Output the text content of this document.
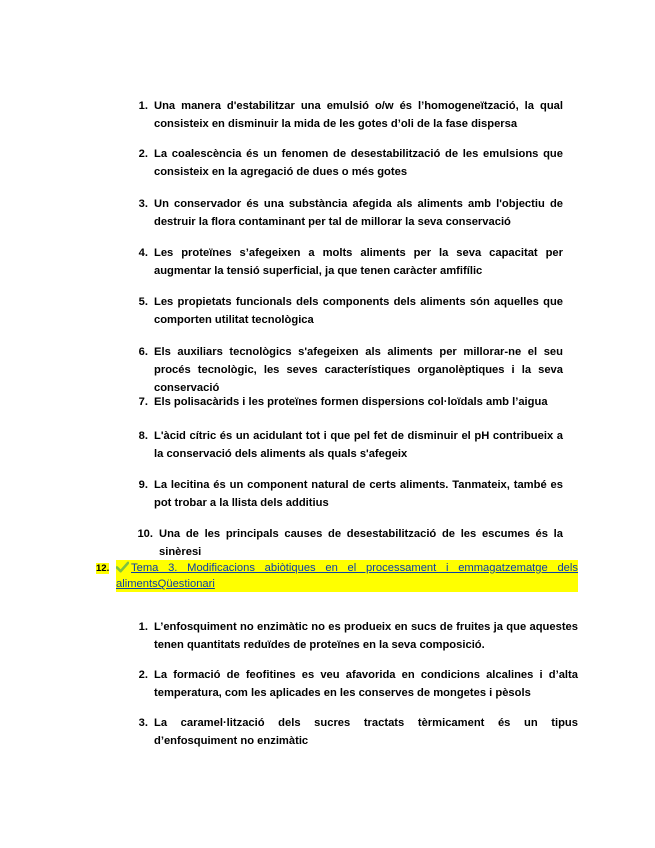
1. Una manera d'estabilitzar una emulsió o/w és l’homogeneïtzació, la qual consisteix en disminuir la mida de les gotes d’oli de la fase dispersa
2. La coalescència és un fenomen de desestabilització de les emulsions que consisteix en la agregació de dues o més gotes
3. Un conservador és una substància afegida als aliments amb l'objectiu de destruir la flora contaminant per tal de millorar la seva conservació
4. Les proteïnes s’afegeixen a molts aliments per la seva capacitat per augmentar la tensió superficial, ja que tenen caràcter amfifílic
5. Les propietats funcionals dels components dels aliments són aquelles que comporten utilitat tecnològica
6. Els auxiliars tecnològics s'afegeixen als aliments per millorar-ne el seu procés tecnològic, les seves característiques organolèptiques i la seva conservació
7. Els polisacàrids i les proteïnes formen dispersions col·loïdals amb l’aigua
8. L'àcid cítric és un acidulant tot i que pel fet de disminuir el pH contribueix a la conservació dels aliments als quals s'afegeix
9. La lecitina és un component natural de certs aliments. Tanmateix, també es pot trobar a la llista dels additius
10. Una de les principals causes de desestabilització de les escumes és la sinèresi
12.	Tema 3. Modificacions abiòtiques en el processament i emmagatzematge dels alimentsQüestionari
1. L’enfosquiment no enzimàtic no es produeix en sucs de fruites ja que aquestes tenen quantitats reduïdes de proteïnes en la seva composició.
2. La formació de feofitines es veu afavorida en condicions alcalines i d’alta temperatura, com les aplicades en les conserves de mongetes i pèsols
3. La caramel·lització dels sucres tractats tèrmicament és un tipus d’enfosquiment no enzimàtic
